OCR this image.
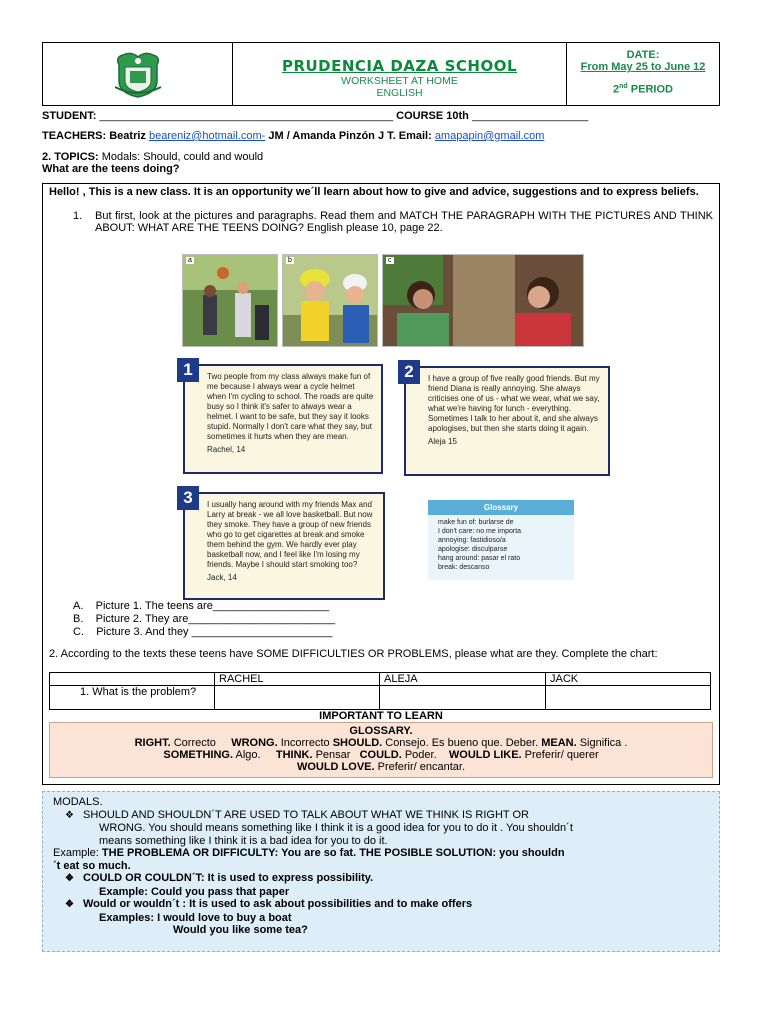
PRUDENCIA DAZA SCHOOL
WORKSHEET AT HOME
ENGLISH
DATE:
From May 25 to June 12
2nd PERIOD
STUDENT: ________________________________________________ COURSE 10th ___________________
TEACHERS: Beatriz beareniz@hotmail.com- JM / Amanda Pinzón J T. Email: amapapin@gmail.com
2. TOPICS: Modals: Should, could and would
What are the teens doing?
Hello! , This is a new class. It is an opportunity we´ll learn about how to give and advice, suggestions and to express beliefs.
1.	But first, look at the pictures and paragraphs. Read them and MATCH THE PARAGRAPH WITH THE PICTURES AND THINK ABOUT: WHAT ARE THE TEENS DOING? English please 10, page 22.
a	b	c
1	Two people from my class always make fun of me because I always wear a cycle helmet when I'm cycling to school. The roads are quite busy so I think it's safer to always wear a helmet. I want to be safe, but they say it looks stupid. Normally I don't care what they say, but sometimes it hurts when they are mean.
Rachel, 14
2	I have a group of five really good friends. But my friend Diana is really annoying. She always criticises one of us - what we wear, what we say, what we're having for lunch - everything. Sometimes I talk to her about it, and she always apologises, but then she starts doing it again.
Aleja 15
3	I usually hang around with my friends Max and Larry at break - we all love basketball. But now they smoke. They have a group of new friends who go to get cigarettes at break and smoke them behind the gym. We hardly ever play basketball now, and I feel like I'm losing my friends. Maybe I should start smoking too?
Jack, 14
Glossary
make fun of: burlarse de
I don't care: no me importa
annoying: fastidioso/a
apologise: disculparse
hang around: pasar el rato
break: descanso
A.    Picture 1. The teens are___________________
B.    Picture 2. They are________________________
C.    Picture 3. And they _______________________
2. According to the texts these teens have SOME DIFFICULTIES OR PROBLEMS, please what are they. Complete the chart:
	RACHEL	ALEJA	JACK
1. What is the problem?			
IMPORTANT TO LEARN
GLOSSARY.
RIGHT. Correcto     WRONG. Incorrecto SHOULD. Consejo. Es bueno que. Deber. MEAN. Significa .
SOMETHING. Algo.     THINK. Pensar   COULD. Poder.    WOULD LIKE. Preferir/ querer
WOULD LOVE. Preferir/ encantar.
MODALS.
❖ SHOULD AND SHOULDN´T ARE USED TO TALK ABOUT WHAT WE THINK IS RIGHT OR
WRONG. You should means something like I think it is a good idea for you to do it . You shouldn´t
means something like I think it is a bad idea for you to do it.
Example: THE PROBLEMA OR DIFFICULTY: You are so fat. THE POSIBLE SOLUTION: you shouldn
´t eat so much.
❖ COULD OR COULDN´T: It is used to express possibility.
Example: Could you pass that paper
❖ Would or wouldn´t : It is used to ask about possibilities and to make offers
Examples: I would love to buy a boat
Would you like some tea?
